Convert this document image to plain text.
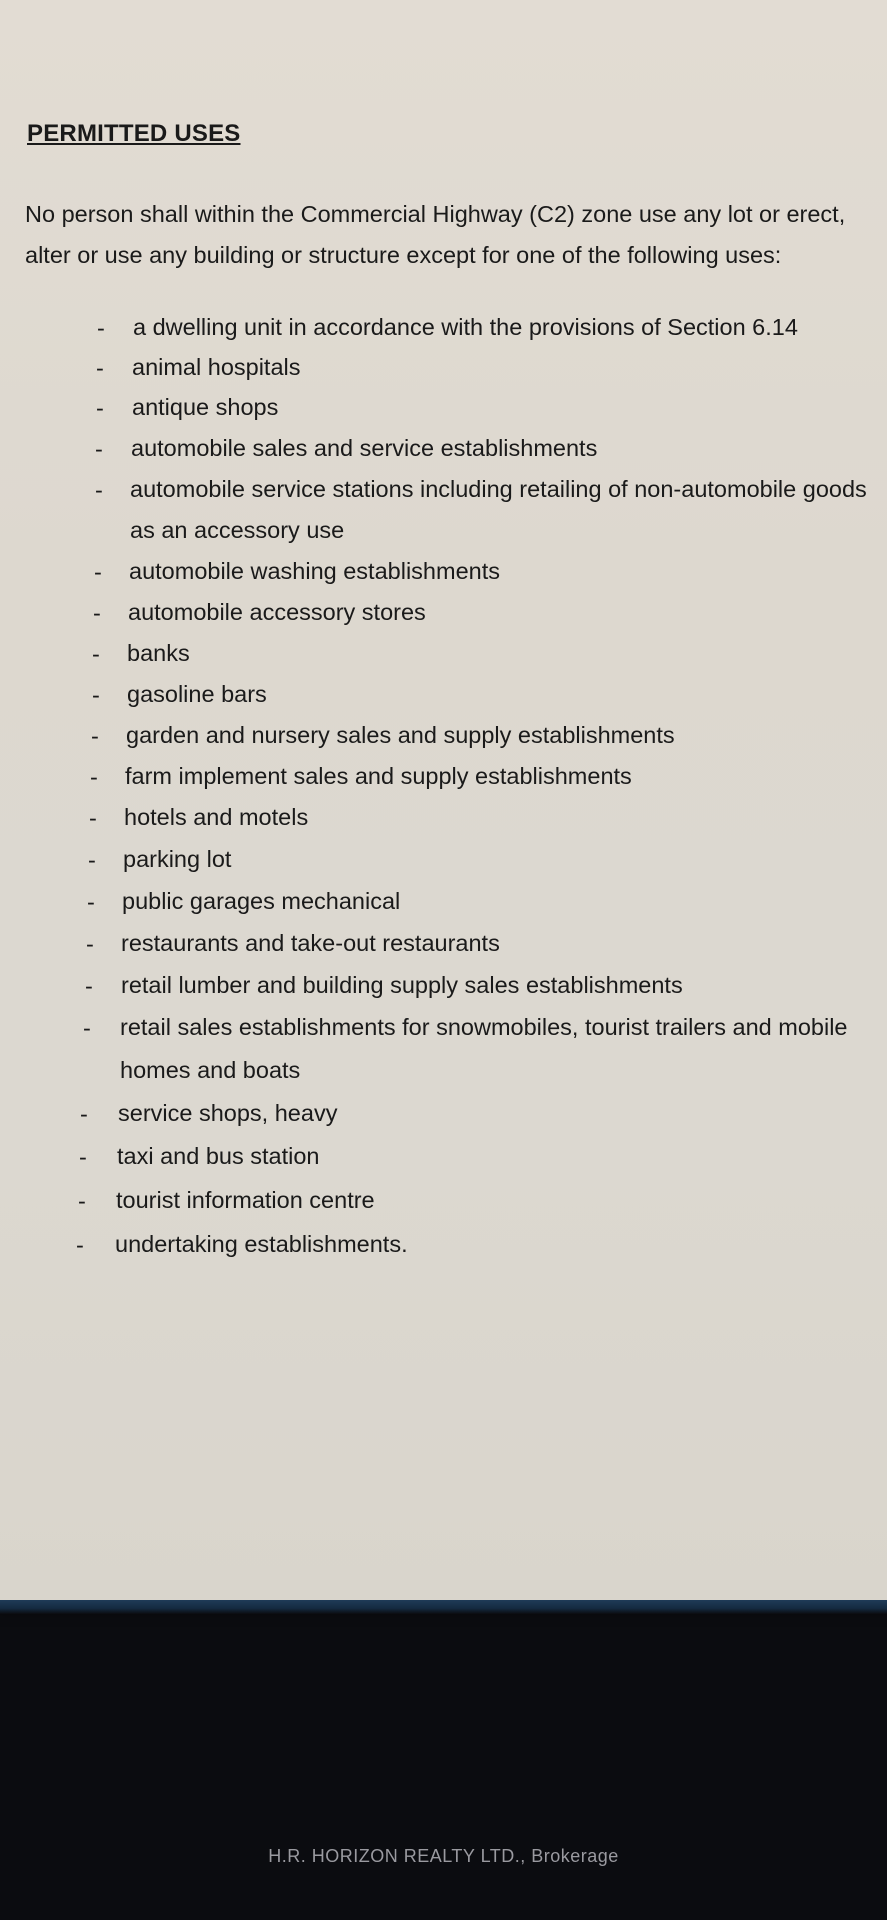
PERMITTED USES
No person shall within the Commercial Highway (C2) zone use any lot or erect, alter or use any building or structure except for one of the following uses:
- a dwelling unit in accordance with the provisions of Section 6.14
- animal hospitals
- antique shops
- automobile sales and service establishments
- automobile service stations including retailing of non-automobile goods
as an accessory use
- automobile washing establishments
- automobile accessory stores
- banks
- gasoline bars
- garden and nursery sales and supply establishments
- farm implement sales and supply establishments
- hotels and motels
- parking lot
- public garages mechanical
- restaurants and take-out restaurants
- retail lumber and building supply sales establishments
- retail sales establishments for snowmobiles, tourist trailers and mobile
homes and boats
- service shops, heavy
- taxi and bus station
- tourist information centre
- undertaking establishments.
H.R. HORIZON REALTY LTD., Brokerage
